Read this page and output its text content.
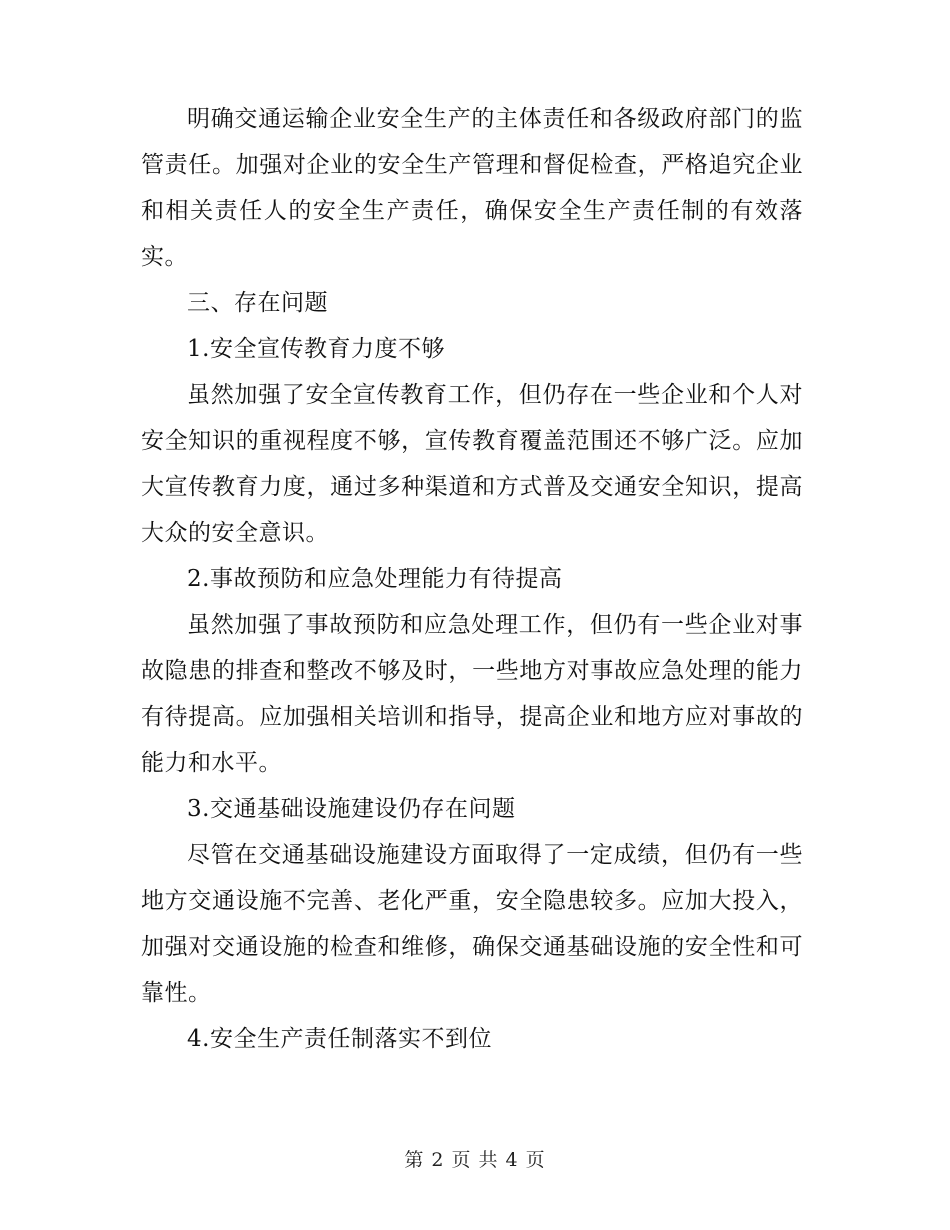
明确交通运输企业安全生产的主体责任和各级政府部门的监管责任。加强对企业的安全生产管理和督促检查，严格追究企业和相关责任人的安全生产责任，确保安全生产责任制的有效落实。

三、存在问题

1.安全宣传教育力度不够

虽然加强了安全宣传教育工作，但仍存在一些企业和个人对安全知识的重视程度不够，宣传教育覆盖范围还不够广泛。应加大宣传教育力度，通过多种渠道和方式普及交通安全知识，提高大众的安全意识。

2.事故预防和应急处理能力有待提高

虽然加强了事故预防和应急处理工作，但仍有一些企业对事故隐患的排查和整改不够及时，一些地方对事故应急处理的能力有待提高。应加强相关培训和指导，提高企业和地方应对事故的能力和水平。

3.交通基础设施建设仍存在问题

尽管在交通基础设施建设方面取得了一定成绩，但仍有一些地方交通设施不完善、老化严重，安全隐患较多。应加大投入，加强对交通设施的检查和维修，确保交通基础设施的安全性和可靠性。

4.安全生产责任制落实不到位

第 2 页 共 4 页
